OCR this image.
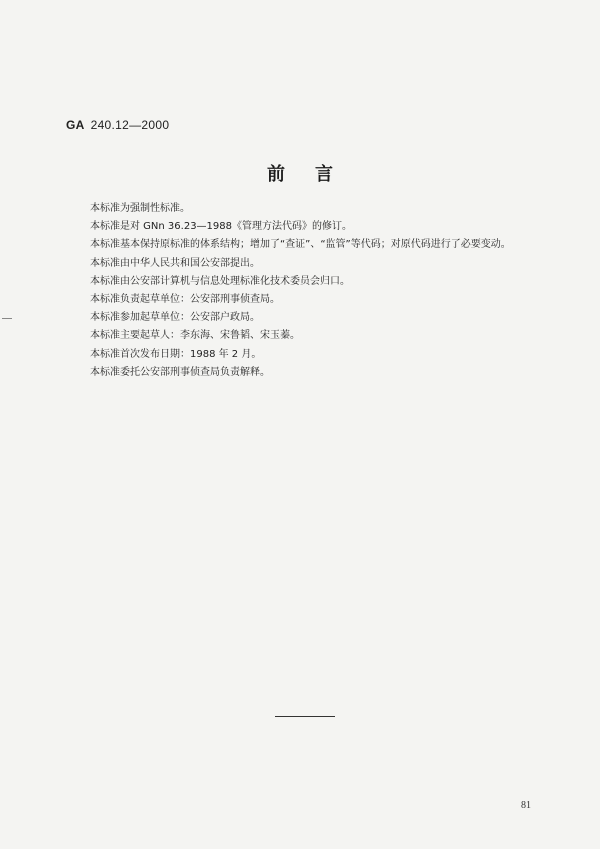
GA 240.12—2000
前言
本标准为强制性标准。
本标准是对 GNn 36.23—1988《管理方法代码》的修订。
本标准基本保持原标准的体系结构；增加了“查证”、“监管”等代码；对原代码进行了必要变动。
本标准由中华人民共和国公安部提出。
本标准由公安部计算机与信息处理标准化技术委员会归口。
本标准负责起草单位：公安部刑事侦查局。
本标准参加起草单位：公安部户政局。
本标准主要起草人：李东海、宋鲁韬、宋玉蓁。
本标准首次发布日期：1988 年 2 月。
本标准委托公安部刑事侦查局负责解释。
81
